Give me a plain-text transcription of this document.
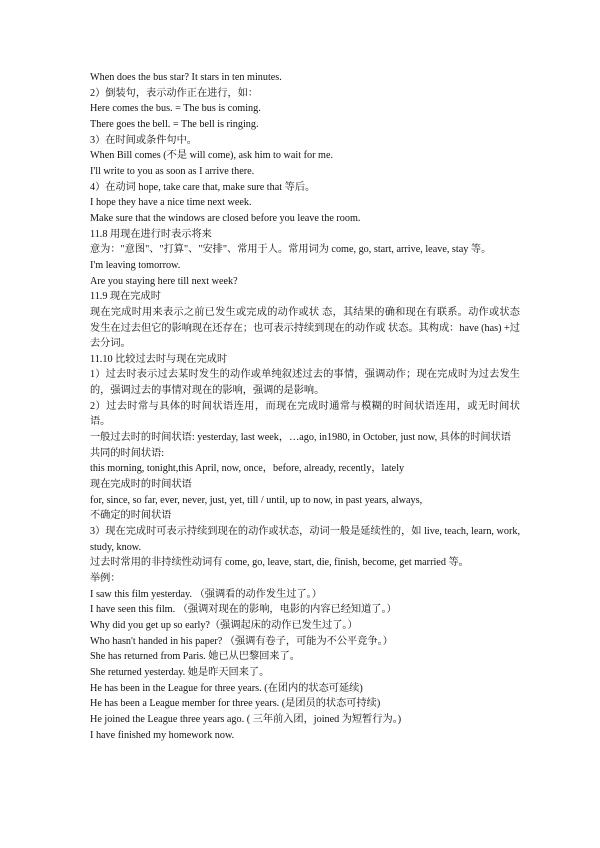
When does the bus star? It stars in ten minutes.

2）倒装句，表示动作正在进行，如：

Here comes the bus. = The bus is coming.

There goes the bell. = The bell is ringing.

3）在时间或条件句中。

When Bill comes (不是 will come), ask him to wait for me.

I'll write to you as soon as I arrive there.

4）在动词 hope, take care that, make sure that 等后。

I hope they have a nice time next week.

Make sure that the windows are closed before you leave the room.

11.8 用现在进行时表示将来

意为："意图"、"打算"、"安排"、常用于人。常用词为 come, go, start, arrive, leave, stay 等。

I'm leaving tomorrow.

Are you staying here till next week?

11.9 现在完成时

现在完成时用来表示之前已发生或完成的动作或状 态，其结果的确和现在有联系。动作或状态发生在过去但它的影响现在还存在；也可表示持续到现在的动作或 状态。其构成：have (has) +过去分词。

11.10 比较过去时与现在完成时

1）过去时表示过去某时发生的动作或单纯叙述过去的事情，强调动作；现在完成时为过去发生的，强调过去的事情对现在的影响，强调的是影响。

2）过去时常与具体的时间状语连用，而现在完成时通常与模糊的时间状语连用，或无时间状语。

一般过去时的时间状语: yesterday, last week，…ago, in1980, in October, just now, 具体的时间状语

共同的时间状语:

this morning, tonight,this April, now, once，before, already, recently，lately

现在完成时的时间状语

for, since, so far, ever, never, just, yet, till / until, up to now, in past years, always,

不确定的时间状语

3）现在完成时可表示持续到现在的动作或状态，动词一般是延续性的，如 live, teach, learn, work, study, know.

过去时常用的非持续性动词有 come, go, leave, start, die, finish, become, get married 等。

举例：

I saw this film yesterday. （强调看的动作发生过了。）

I have seen this film. （强调对现在的影响，电影的内容已经知道了。）

Why did you get up so early?（强调起床的动作已发生过了。）

Who hasn't handed in his paper? （强调有卷子，可能为不公平竞争。）

She has returned from Paris. 她已从巴黎回来了。

She returned yesterday. 她是昨天回来了。

He has been in the League for three years. (在团内的状态可延续)

He has been a League member for three years. (是团员的状态可持续)

He joined the League three years ago. ( 三年前入团，joined 为短暂行为。)

I have finished my homework now.
